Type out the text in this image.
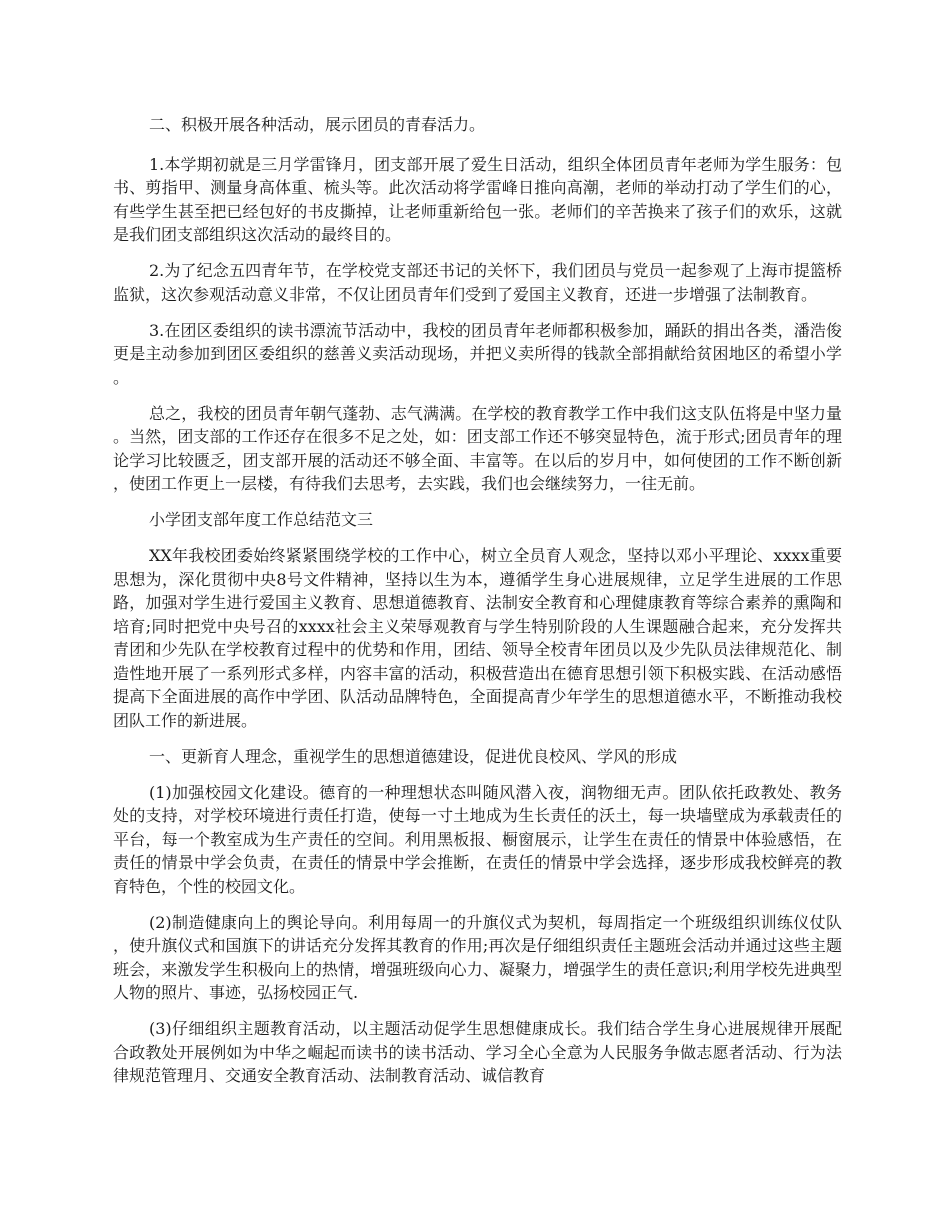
二、积极开展各种活动，展示团员的青春活力。

1.本学期初就是三月学雷锋月，团支部开展了爱生日活动，组织全体团员青年老师为学生服务：包书、剪指甲、测量身高体重、梳头等。此次活动将学雷峰日推向高潮，老师的举动打动了学生们的心，有些学生甚至把已经包好的书皮撕掉，让老师重新给包一张。老师们的辛苦换来了孩子们的欢乐，这就是我们团支部组织这次活动的最终目的。

2.为了纪念五四青年节，在学校党支部还书记的关怀下，我们团员与党员一起参观了上海市提篮桥监狱，这次参观活动意义非常，不仅让团员青年们受到了爱国主义教育，还进一步增强了法制教育。

3.在团区委组织的读书漂流节活动中，我校的团员青年老师都积极参加，踊跃的捐出各类，潘浩俊更是主动参加到团区委组织的慈善义卖活动现场，并把义卖所得的钱款全部捐献给贫困地区的希望小学。

总之，我校的团员青年朝气蓬勃、志气满满。在学校的教育教学工作中我们这支队伍将是中坚力量。当然，团支部的工作还存在很多不足之处，如：团支部工作还不够突显特色，流于形式;团员青年的理论学习比较匮乏，团支部开展的活动还不够全面、丰富等。在以后的岁月中，如何使团的工作不断创新，使团工作更上一层楼，有待我们去思考，去实践，我们也会继续努力，一往无前。

小学团支部年度工作总结范文三

XX年我校团委始终紧紧围绕学校的工作中心，树立全员育人观念，坚持以邓小平理论、xxxx重要思想为，深化贯彻中央8号文件精神，坚持以生为本，遵循学生身心进展规律，立足学生进展的工作思路，加强对学生进行爱国主义教育、思想道德教育、法制安全教育和心理健康教育等综合素养的熏陶和培育;同时把党中央号召的xxxx社会主义荣辱观教育与学生特别阶段的人生课题融合起来，充分发挥共青团和少先队在学校教育过程中的优势和作用，团结、领导全校青年团员以及少先队员法律规范化、制造性地开展了一系列形式多样，内容丰富的活动，积极营造出在德育思想引领下积极实践、在活动感悟提高下全面进展的高作中学团、队活动品牌特色，全面提高青少年学生的思想道德水平，不断推动我校团队工作的新进展。

一、更新育人理念，重视学生的思想道德建设，促进优良校风、学风的形成

(1)加强校园文化建设。德育的一种理想状态叫随风潜入夜，润物细无声。团队依托政教处、教务处的支持，对学校环境进行责任打造，使每一寸土地成为生长责任的沃土，每一块墙壁成为承载责任的平台，每一个教室成为生产责任的空间。利用黑板报、橱窗展示，让学生在责任的情景中体验感悟，在责任的情景中学会负责，在责任的情景中学会推断，在责任的情景中学会选择，逐步形成我校鲜亮的教育特色，个性的校园文化。

(2)制造健康向上的舆论导向。利用每周一的升旗仪式为契机，每周指定一个班级组织训练仪仗队，使升旗仪式和国旗下的讲话充分发挥其教育的作用;再次是仔细组织责任主题班会活动并通过这些主题班会，来激发学生积极向上的热情，增强班级向心力、凝聚力，增强学生的责任意识;利用学校先进典型人物的照片、事迹，弘扬校园正气.

(3)仔细组织主题教育活动，以主题活动促学生思想健康成长。我们结合学生身心进展规律开展配合政教处开展例如为中华之崛起而读书的读书活动、学习全心全意为人民服务争做志愿者活动、行为法律规范管理月、交通安全教育活动、法制教育活动、诚信教育
